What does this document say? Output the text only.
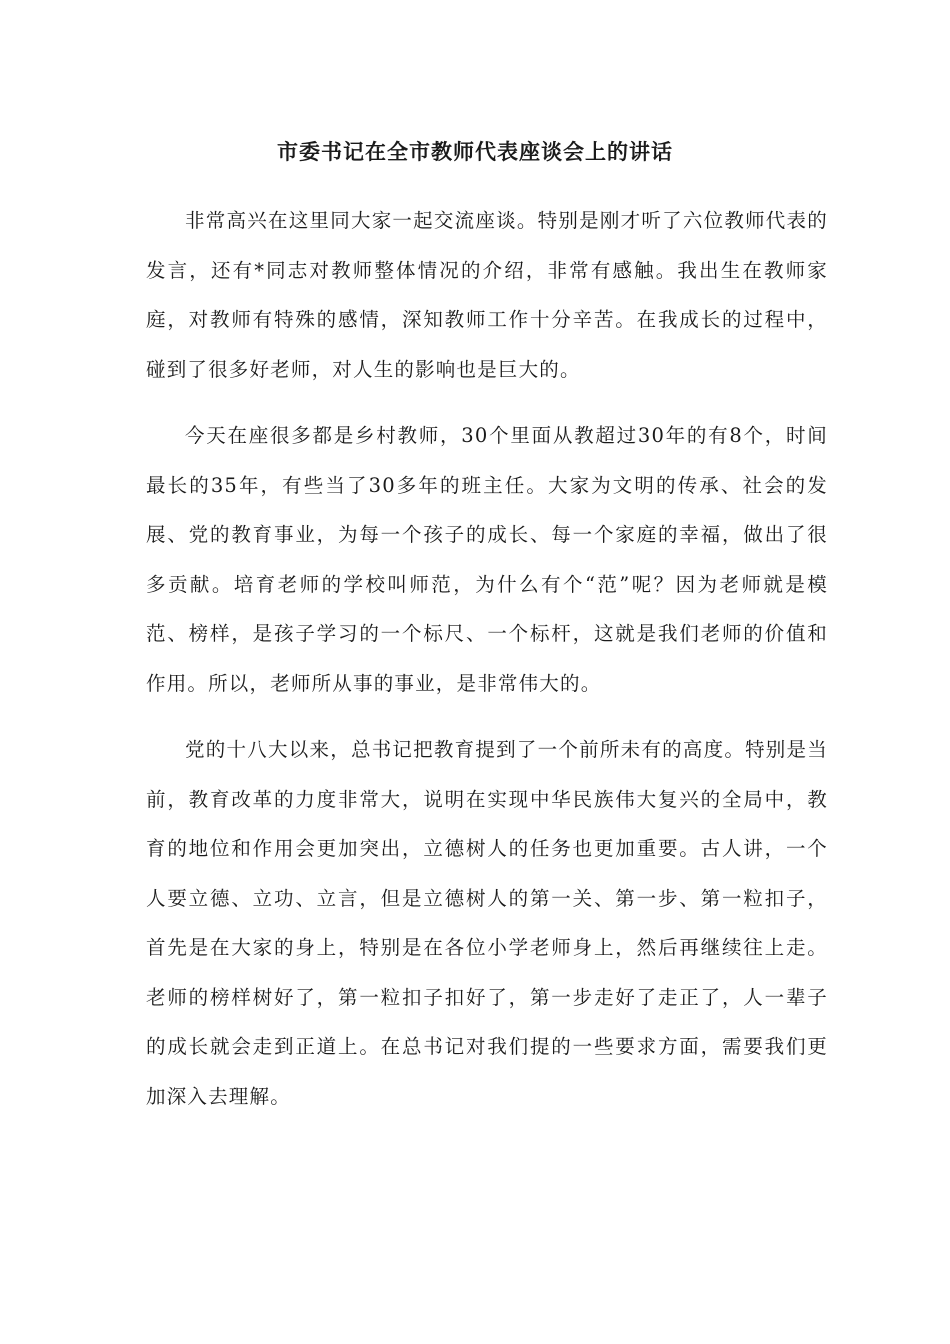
市委书记在全市教师代表座谈会上的讲话

非常高兴在这里同大家一起交流座谈。特别是刚才听了六位教师代表的发言，还有*同志对教师整体情况的介绍，非常有感触。我出生在教师家庭，对教师有特殊的感情，深知教师工作十分辛苦。在我成长的过程中，碰到了很多好老师，对人生的影响也是巨大的。

今天在座很多都是乡村教师，30个里面从教超过30年的有8个，时间最长的35年，有些当了30多年的班主任。大家为文明的传承、社会的发展、党的教育事业，为每一个孩子的成长、每一个家庭的幸福，做出了很多贡献。培育老师的学校叫师范，为什么有个“范”呢？因为老师就是模范、榜样，是孩子学习的一个标尺、一个标杆，这就是我们老师的价值和作用。所以，老师所从事的事业，是非常伟大的。

党的十八大以来，总书记把教育提到了一个前所未有的高度。特别是当前，教育改革的力度非常大，说明在实现中华民族伟大复兴的全局中，教育的地位和作用会更加突出，立德树人的任务也更加重要。古人讲，一个人要立德、立功、立言，但是立德树人的第一关、第一步、第一粒扣子，首先是在大家的身上，特别是在各位小学老师身上，然后再继续往上走。老师的榜样树好了，第一粒扣子扣好了，第一步走好了走正了，人一辈子的成长就会走到正道上。在总书记对我们提的一些要求方面，需要我们更加深入去理解。
